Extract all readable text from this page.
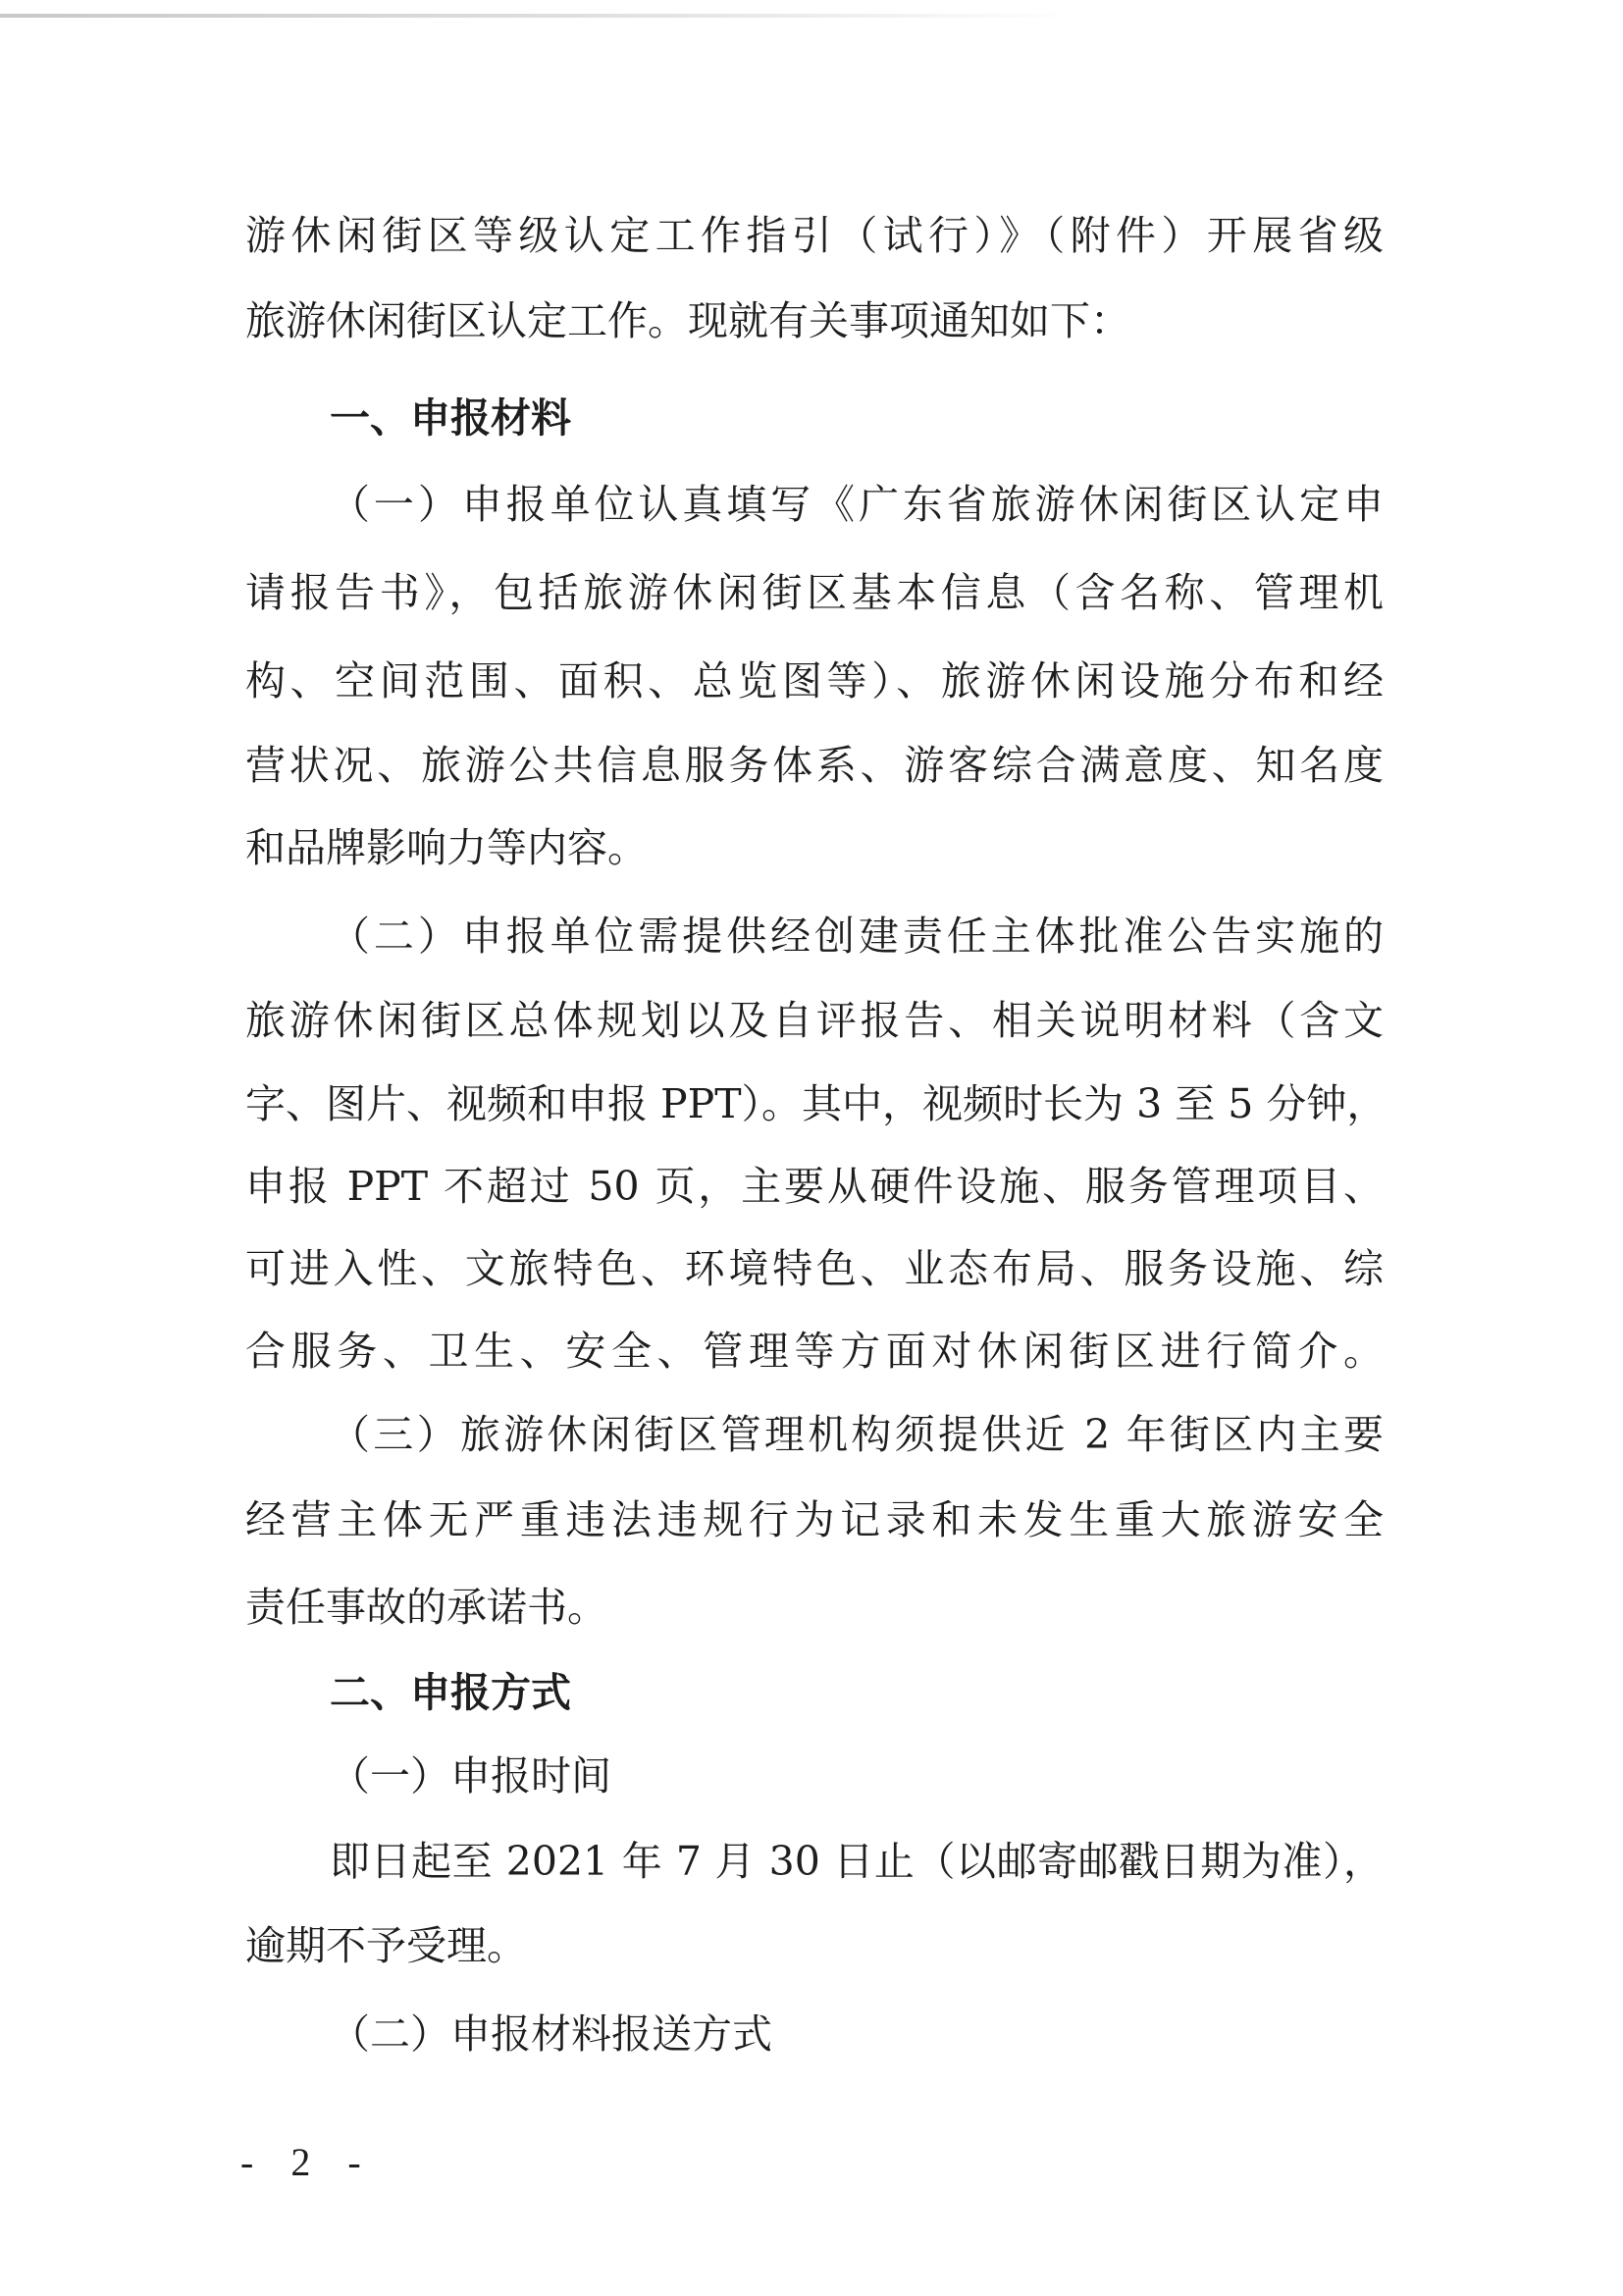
游休闲街区等级认定工作指引（试行）》（附件）开展省级
旅游休闲街区认定工作。现就有关事项通知如下：
一、申报材料
（一）申报单位认真填写《广东省旅游休闲街区认定申
请报告书》，包括旅游休闲街区基本信息（含名称、管理机
构、空间范围、面积、总览图等）、旅游休闲设施分布和经
营状况、旅游公共信息服务体系、游客综合满意度、知名度
和品牌影响力等内容。
（二）申报单位需提供经创建责任主体批准公告实施的
旅游休闲街区总体规划以及自评报告、相关说明材料（含文
字、图片、视频和申报 PPT）。其中，视频时长为 3 至 5 分钟，
申报 PPT 不超过 50 页，主要从硬件设施、服务管理项目、
可进入性、文旅特色、环境特色、业态布局、服务设施、综
合服务、卫生、安全、管理等方面对休闲街区进行简介。
（三）旅游休闲街区管理机构须提供近 2 年街区内主要
经营主体无严重违法违规行为记录和未发生重大旅游安全
责任事故的承诺书。
二、申报方式
（一）申报时间
即日起至 2021 年 7 月 30 日止（以邮寄邮戳日期为准），
逾期不予受理。
（二）申报材料报送方式
- 2 -
